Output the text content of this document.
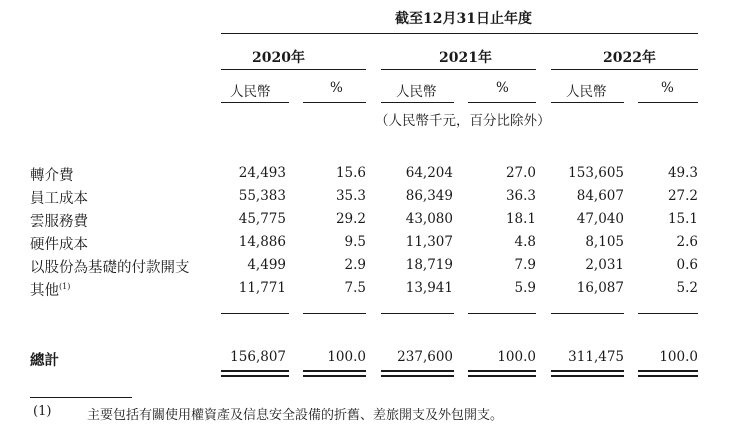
截至12月31日止年度
2020年	2021年	2022年
人民幣	%	人民幣	%	人民幣	%
（人民幣千元，百分比除外）
轉介費	24,493	15.6	64,204	27.0 153,605	49.3
員工成本	55,383	35.3	86,349	36.3	84,607	27.2
雲服務費	45,775	29.2	43,080	18.1	47,040	15.1
硬件成本	14,886	9.5	11,307	4.8	8,105	2.6
以股份為基礎的付款開支	4,499	2.9	18,719	7.9	2,031	0.6
其他$^{(1)}$	11,771	7.5	13,941	5.9	16,087	5.2
總計	156,807	100.0 237,600	100.0 311,475	100.0
(1)	主要包括有關使用權資產及信息安全設備的折舊、差旅開支及外包開支。
